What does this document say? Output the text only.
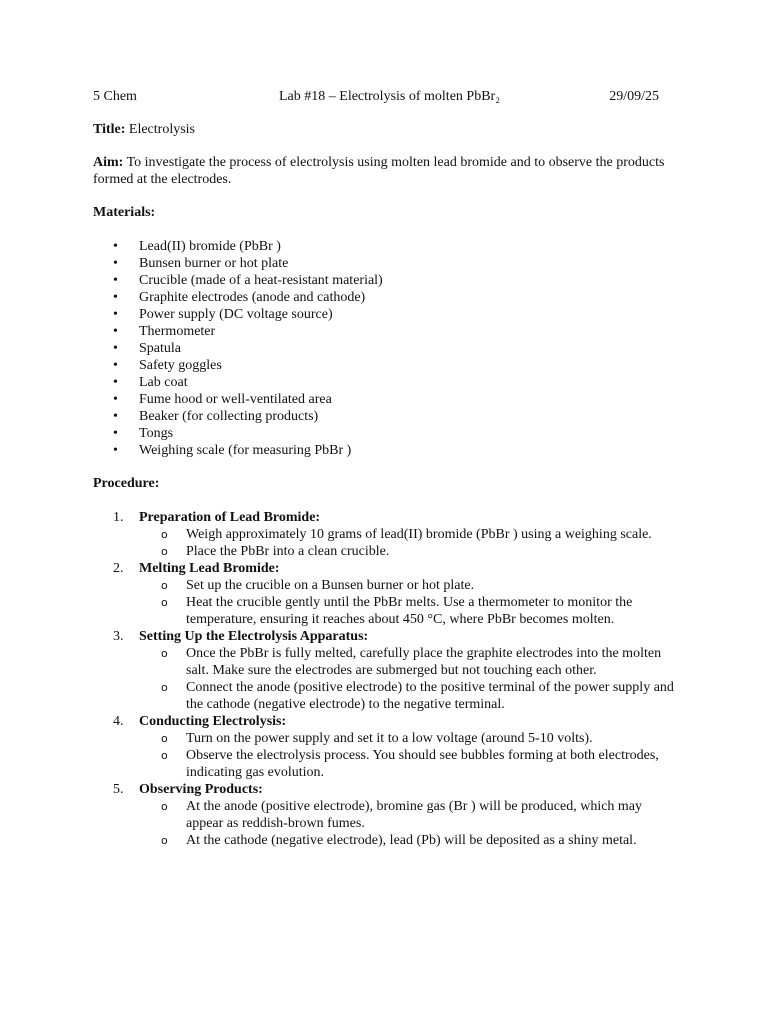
5 Chem	Lab #18 – Electrolysis of molten PbBr₂	29/09/25
Title: Electrolysis
Aim: To investigate the process of electrolysis using molten lead bromide and to observe the products formed at the electrodes.
Materials:
• Lead(II) bromide (PbBr )
• Bunsen burner or hot plate
• Crucible (made of a heat-resistant material)
• Graphite electrodes (anode and cathode)
• Power supply (DC voltage source)
• Thermometer
• Spatula
• Safety goggles
• Lab coat
• Fume hood or well-ventilated area
• Beaker (for collecting products)
• Tongs
• Weighing scale (for measuring PbBr )
Procedure:
1. Preparation of Lead Bromide:
o Weigh approximately 10 grams of lead(II) bromide (PbBr ) using a weighing scale.
o Place the PbBr into a clean crucible.
2. Melting Lead Bromide:
o Set up the crucible on a Bunsen burner or hot plate.
o Heat the crucible gently until the PbBr melts. Use a thermometer to monitor the temperature, ensuring it reaches about 450 °C, where PbBr becomes molten.
3. Setting Up the Electrolysis Apparatus:
o Once the PbBr is fully melted, carefully place the graphite electrodes into the molten salt. Make sure the electrodes are submerged but not touching each other.
o Connect the anode (positive electrode) to the positive terminal of the power supply and the cathode (negative electrode) to the negative terminal.
4. Conducting Electrolysis:
o Turn on the power supply and set it to a low voltage (around 5-10 volts).
o Observe the electrolysis process. You should see bubbles forming at both electrodes, indicating gas evolution.
5. Observing Products:
o At the anode (positive electrode), bromine gas (Br ) will be produced, which may appear as reddish-brown fumes.
o At the cathode (negative electrode), lead (Pb) will be deposited as a shiny metal.
